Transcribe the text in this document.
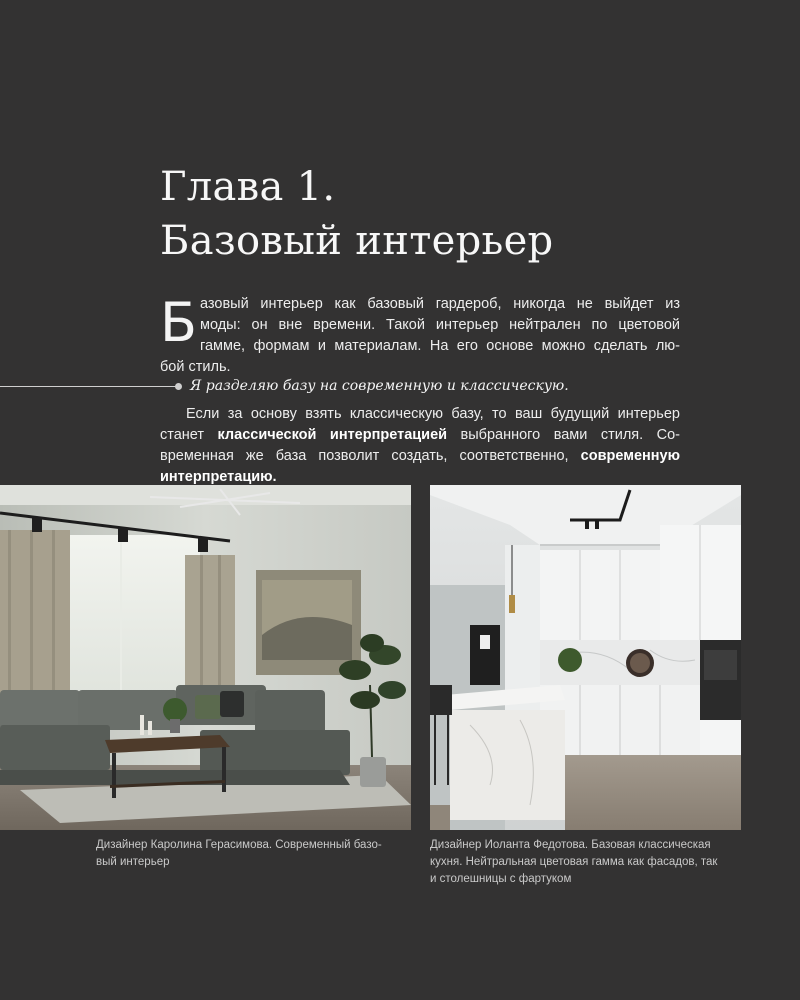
Глава 1.
Базовый интерьер
Б азовый интерьер как базовый гардероб, никогда не выйдет из
моды: он вне времени. Такой интерьер нейтрален по цветовой
гамме, формам и материалам. На его основе можно сделать лю-
бой стиль.

Я разделяю базу на современную и классическую.

Если за основу взять классическую базу, то ваш будущий интерьер
станет классической интерпретацией выбранного вами стиля. Со-
временная же база позволит создать, соответственно, современную
интерпретацию.
Дизайнер Каролина Герасимова. Современный базо-
вый интерьер
Дизайнер Иоланта Федотова. Базовая классическая
кухня. Нейтральная цветовая гамма как фасадов, так
и столешницы с фартуком
